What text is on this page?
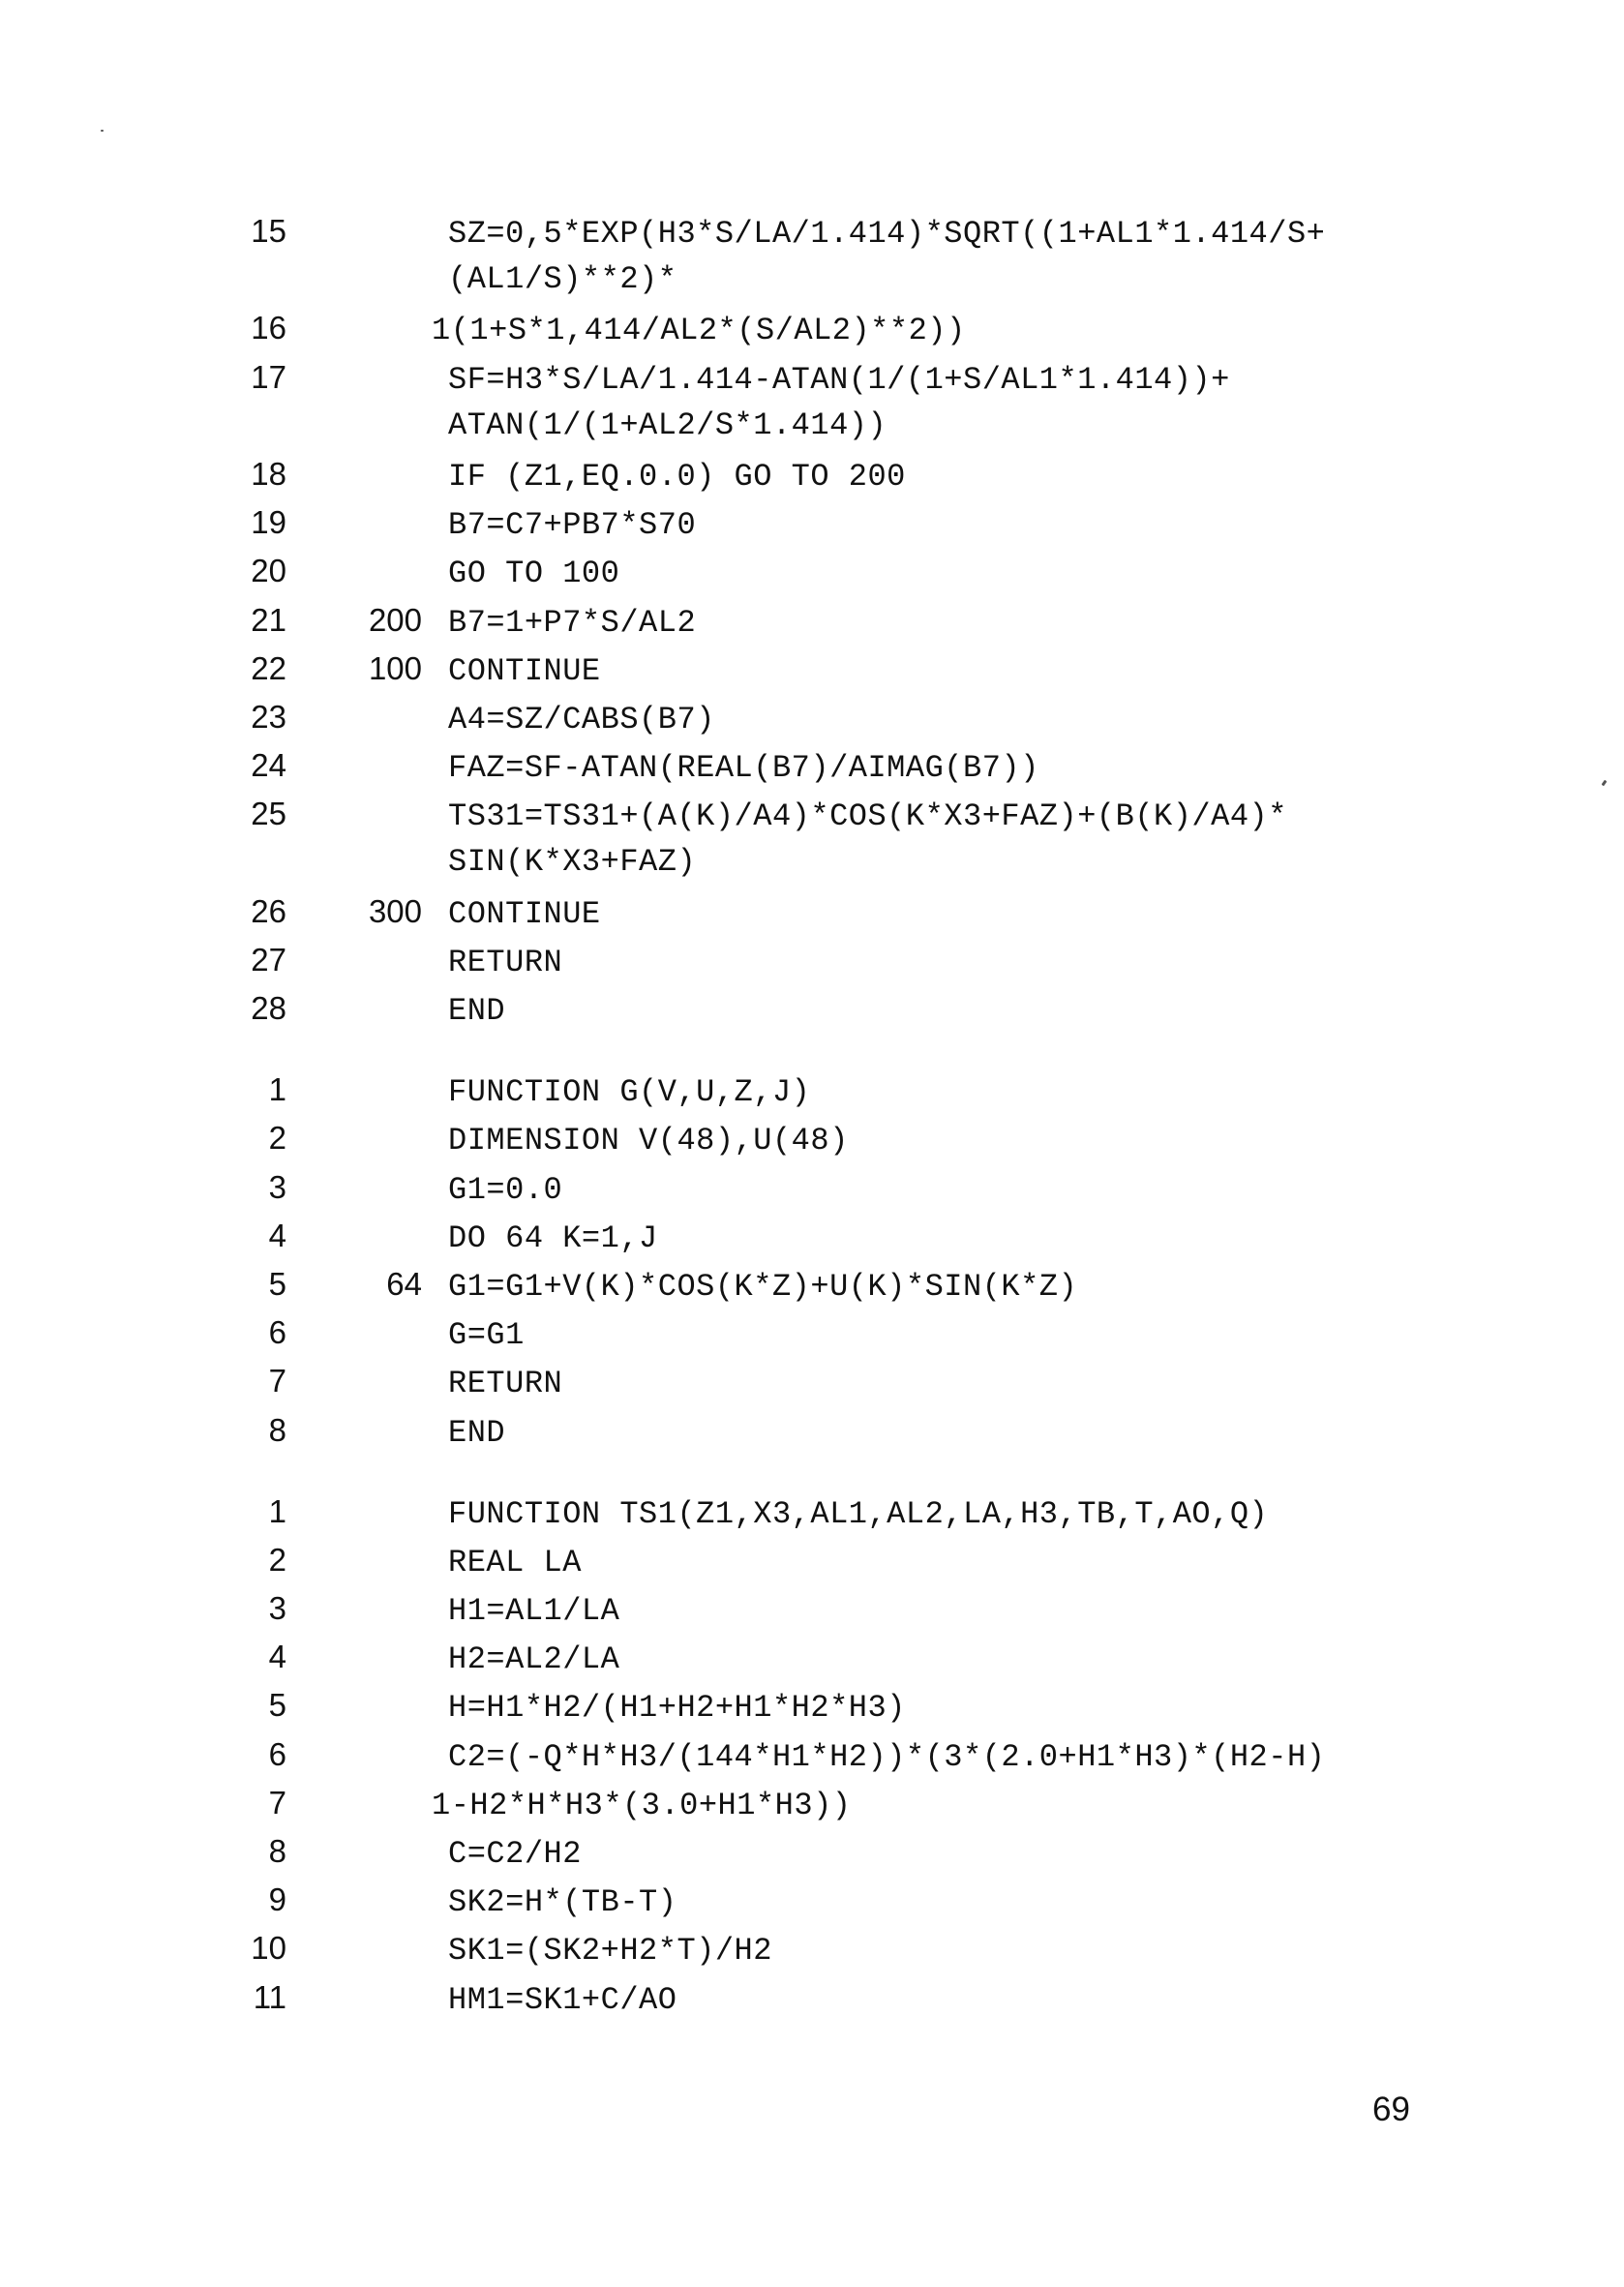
15	SZ=0,5*EXP(H3*S/LA/1.414)*SQRT((1+AL1*1.414/S+
(AL1/S)**2)*
16	1(1+S*1,414/AL2*(S/AL2)**2))
17	SF=H3*S/LA/1.414-ATAN(1/(1+S/AL1*1.414))+
ATAN(1/(1+AL2/S*1.414))
18	IF (Z1,EQ.0.0) GO TO 200
19	B7=C7+PB7*S70
20	GO TO 100
21	200 B7=1+P7*S/AL2
22	100 CONTINUE
23	A4=SZ/CABS(B7)
24	FAZ=SF-ATAN(REAL(B7)/AIMAG(B7))
25	TS31=TS31+(A(K)/A4)*COS(K*X3+FAZ)+(B(K)/A4)*
SIN(K*X3+FAZ)
26	300 CONTINUE
27	RETURN
28	END
1	FUNCTION G(V,U,Z,J)
2	DIMENSION V(48),U(48)
3	G1=0.0
4	DO 64 K=1,J
5	64 G1=G1+V(K)*COS(K*Z)+U(K)*SIN(K*Z)
6	G=G1
7	RETURN
8	END
1	FUNCTION TS1(Z1,X3,AL1,AL2,LA,H3,TB,T,AO,Q)
2	REAL LA
3	H1=AL1/LA
4	H2=AL2/LA
5	H=H1*H2/(H1+H2+H1*H2*H3)
6	C2=(-Q*H*H3/(144*H1*H2))*(3*(2.0+H1*H3)*(H2-H)
7	1-H2*H*H3*(3.0+H1*H3))
8	C=C2/H2
9	SK2=H*(TB-T)
10	SK1=(SK2+H2*T)/H2
11	HM1=SK1+C/AO
69
